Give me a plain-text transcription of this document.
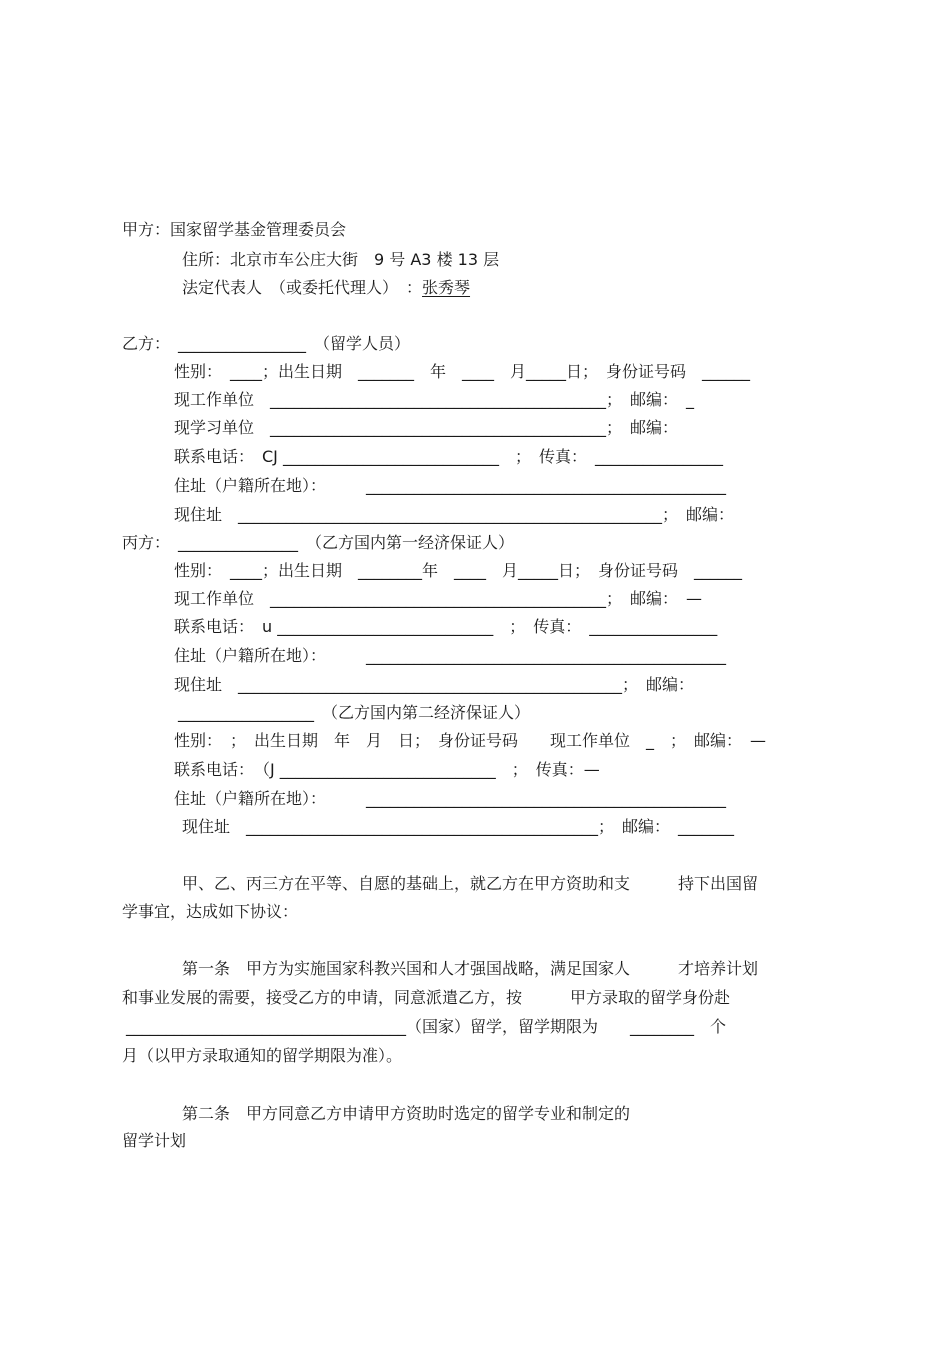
甲方：国家留学基金管理委员会
住所：北京市车公庄大街　9 号 A3 楼 13 层
法定代表人　（或委托代理人）　：张秀琴
乙方：　________________　（留学人员）
性别：　____；出生日期　_______　年　____　月_____日；　身份证号码　______
现工作单位　__________________________________________；　邮编：　_
现学习单位　__________________________________________；　邮编：
联系电话：　CJ ___________________________　；　传真：　________________
住址（户籍所在地）：　　　_____________________________________________
现住址　_____________________________________________________；　邮编：
丙方：　_______________　（乙方国内第一经济保证人）
性别：　____；出生日期　________年　____　月_____日；　身份证号码　______
现工作单位　__________________________________________；　邮编：　—
联系电话：　u ___________________________　；　传真：　________________
住址（户籍所在地）：　　　_____________________________________________
现住址　________________________________________________；　邮编：
_________________　（乙方国内第二经济保证人）
性别：　；　出生日期　年　月　日；　身份证号码　　现工作单位　_　；　邮编：　—
联系电话：　（J ___________________________　；　传真：—
住址（户籍所在地）：　　　_____________________________________________
现住址　____________________________________________；　邮编：　_______
甲、乙、丙三方在平等、自愿的基础上，就乙方在甲方资助和支　　　持下出国留
学事宜，达成如下协议：
第一条　甲方为实施国家科教兴国和人才强国战略，满足国家人　　　才培养计划
和事业发展的需要，接受乙方的申请，同意派遣乙方，按　　　甲方录取的留学身份赴
___________________________________（国家）留学，留学期限为　　________　个
月（以甲方录取通知的留学期限为准）。
第二条　甲方同意乙方申请甲方资助时选定的留学专业和制定的
留学计划
